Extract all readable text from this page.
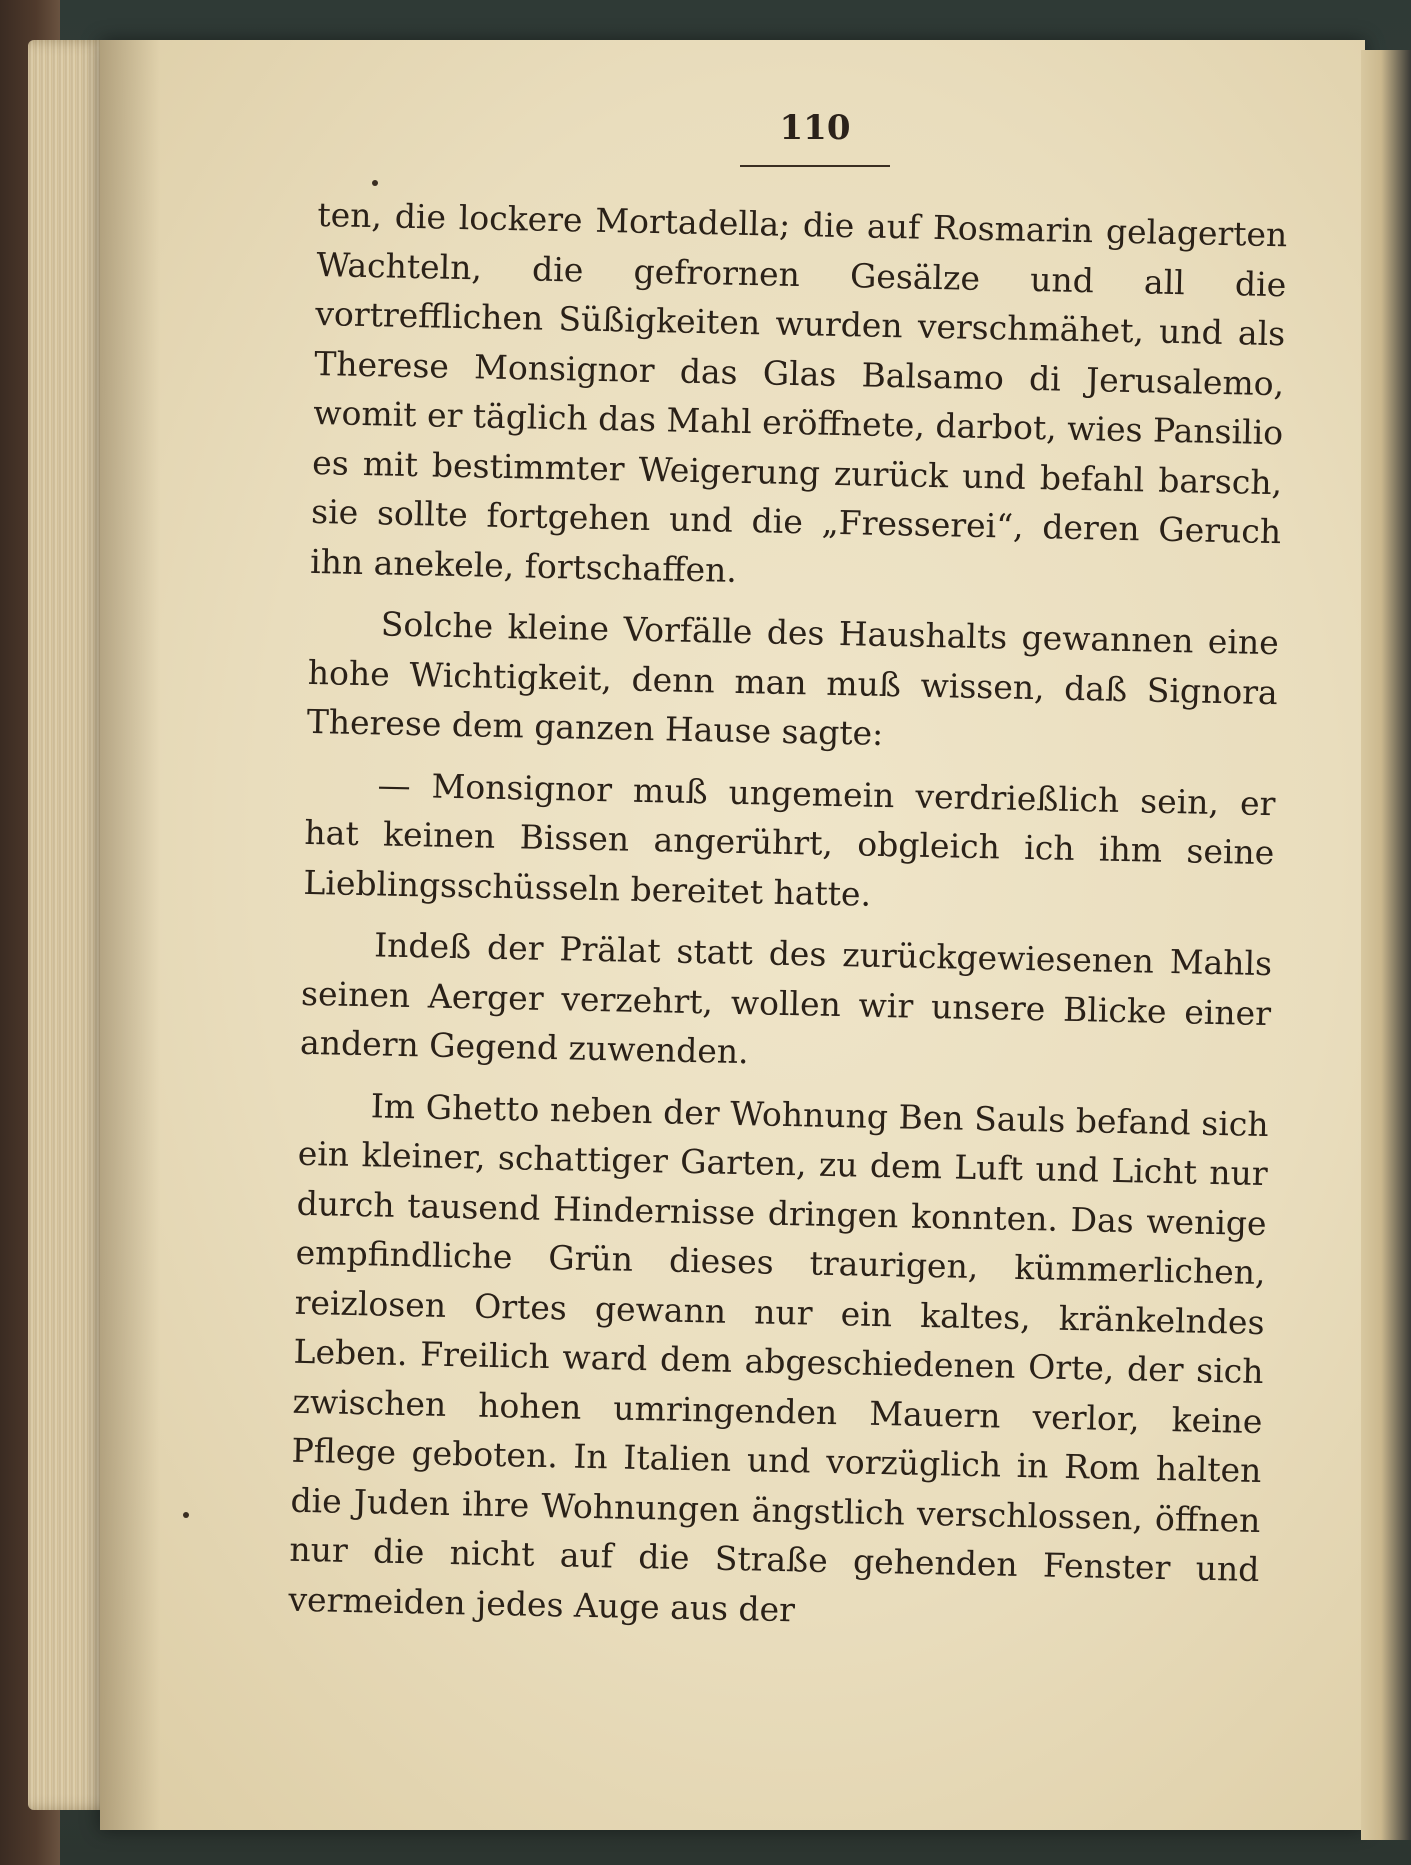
110

ten, die lockere Mortadella; die auf Rosmarin gelagerten Wachteln, die gefrornen Gesälze und all die vortrefflichen Süßigkeiten wurden verschmähet, und als Therese Monsignor das Glas Balsamo di Jerusalemo, womit er täglich das Mahl eröffnete, darbot, wies Pansilio es mit bestimmter Weigerung zurück und befahl barsch, sie sollte fortgehen und die „Fresserei“, deren Geruch ihn anekele, fortschaffen.

Solche kleine Vorfälle des Haushalts gewannen eine hohe Wichtigkeit, denn man muß wissen, daß Signora Therese dem ganzen Hause sagte:

— Monsignor muß ungemein verdrießlich sein, er hat keinen Bissen angerührt, obgleich ich ihm seine Lieblingsschüsseln bereitet hatte.

Indeß der Prälat statt des zurückgewiesenen Mahls seinen Aerger verzehrt, wollen wir unsere Blicke einer andern Gegend zuwenden.

Im Ghetto neben der Wohnung Ben Sauls befand sich ein kleiner, schattiger Garten, zu dem Luft und Licht nur durch tausend Hindernisse dringen konnten. Das wenige empfindliche Grün dieses traurigen, kümmerlichen, reizlosen Ortes gewann nur ein kaltes, kränkelndes Leben. Freilich ward dem abgeschiedenen Orte, der sich zwischen hohen umringenden Mauern verlor, keine Pflege geboten. In Italien und vorzüglich in Rom halten die Juden ihre Wohnungen ängstlich verschlossen, öffnen nur die nicht auf die Straße gehenden Fenster und vermeiden jedes Auge aus der
